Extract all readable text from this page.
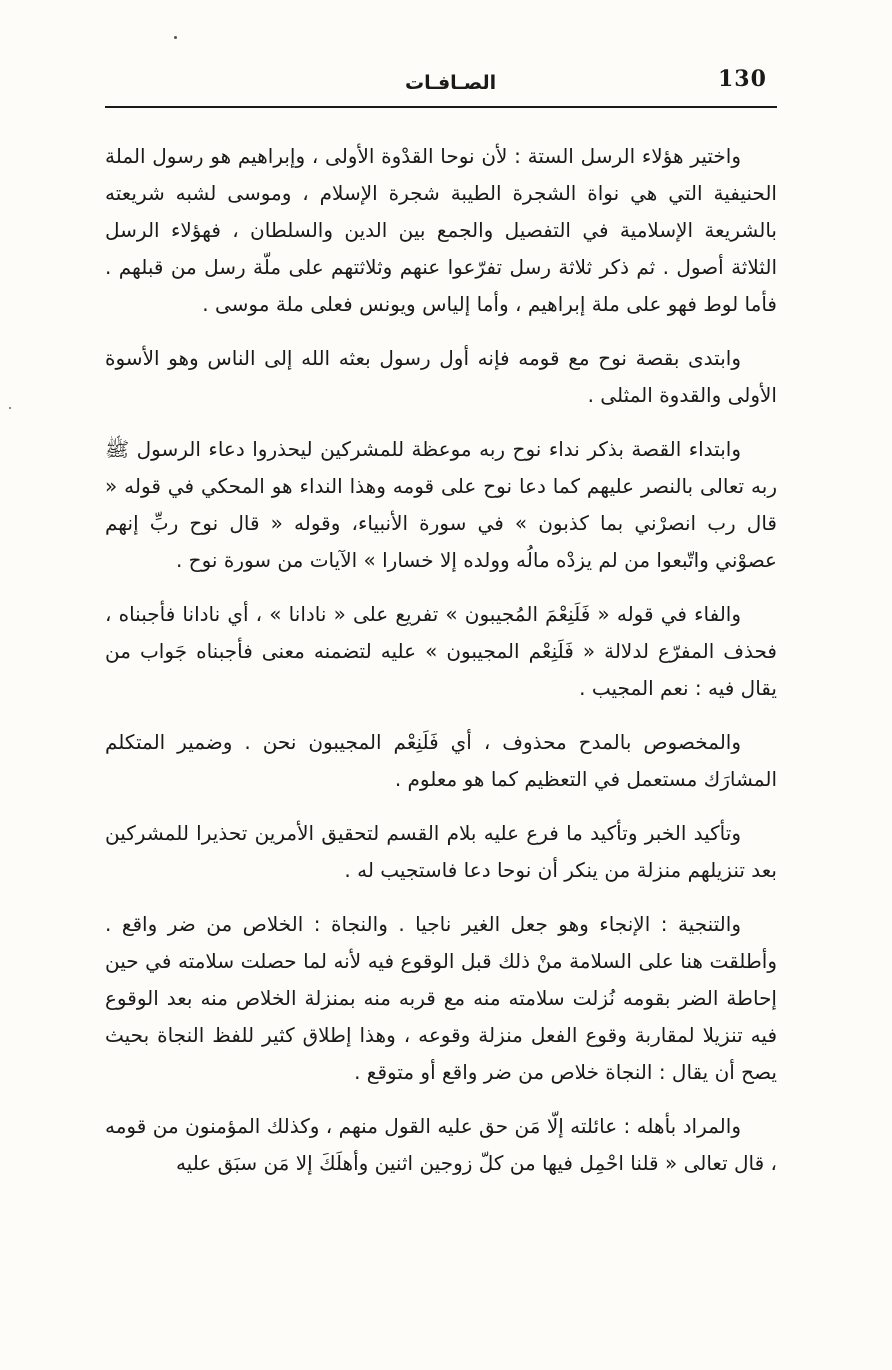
130
الصـافـات

واختير هؤلاء الرسل الستة : لأن نوحا القدْوة الأولى ، وإبراهيم هو رسول الملة الحنيفية التي هي نواة الشجرة الطيبة شجرة الإسلام ، وموسى لشبه شريعته بالشريعة الإسلامية في التفصيل والجمع بين الدين والسلطان ، فهؤلاء الرسل الثلاثة أصول . ثم ذكر ثلاثة رسل تفرّعوا عنهم وثلاثتهم على ملّة رسل من قبلهم . فأما لوط فهو على ملة إبراهيم ، وأما إلياس ويونس فعلى ملة موسى .

وابتدى بقصة نوح مع قومه فإنه أول رسول بعثه الله إلى الناس وهو الأسوة الأولى والقدوة المثلى .

وابتداء القصة بذكر نداء نوح ربه موعظة للمشركين ليحذروا دعاء الرسول ﷺ ربه تعالى بالنصر عليهم كما دعا نوح على قومه وهذا النداء هو المحكي في قوله « قال رب انصرْني بما كذبون » في سورة الأنبياء، وقوله « قال نوح ربِّ إنهم عصوْني واتّبعوا من لم يزدْه مالُه وولده إلا خسارا » الآيات من سورة نوح .

والفاء في قوله « فَلَنِعْمَ المُجيبون » تفريع على « نادانا » ، أي نادانا فأجبناه ، فحذف المفرّع لدلالة « فَلَنِعْم المجيبون » عليه لتضمنه معنى فأجبناه جَواب من يقال فيه : نعم المجيب .

والمخصوص بالمدح محذوف ، أي فَلَنِعْم المجيبون نحن . وضمير المتكلم المشارَك مستعمل في التعظيم كما هو معلوم .

وتأكيد الخبر وتأكيد ما فرع عليه بلام القسم لتحقيق الأمرين تحذيرا للمشركين بعد تنزيلهم منزلة من ينكر أن نوحا دعا فاستجيب له .

والتنجية : الإنجاء وهو جعل الغير ناجيا . والنجاة : الخلاص من ضر واقع . وأطلقت هنا على السلامة منْ ذلك قبل الوقوع فيه لأنه لما حصلت سلامته في حين إحاطة الضر بقومه نُزلت سلامته منه مع قربه منه بمنزلة الخلاص منه بعد الوقوع فيه تنزيلا لمقاربة وقوع الفعل منزلة وقوعه ، وهذا إطلاق كثير للفظ النجاة بحيث يصح أن يقال : النجاة خلاص من ضر واقع أو متوقع .

والمراد بأهله : عائلته إلّا مَن حق عليه القول منهم ، وكذلك المؤمنون من قومه ، قال تعالى « قلنا احْمِل فيها من كلّ زوجين اثنين وأهلَكَ إلا مَن سبَق عليه
